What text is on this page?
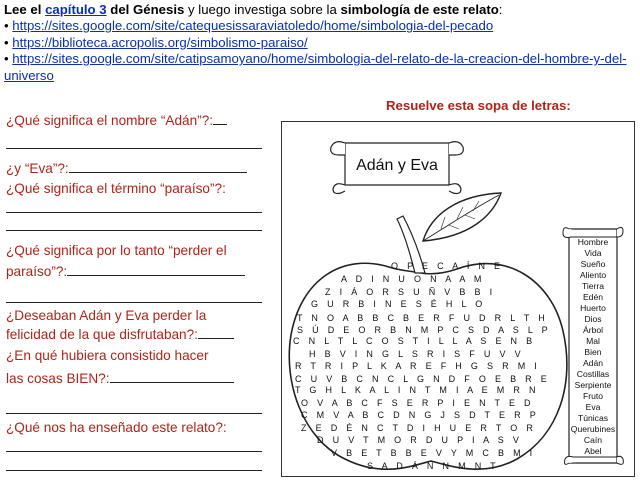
Lee el capítulo 3 del Génesis y luego investiga sobre la simbología de este relato:
• https://sites.google.com/site/catequesissaraviatoledo/home/simbologia-del-pecado
• https://biblioteca.acropolis.org/simbolismo-paraiso/
• https://sites.google.com/site/catipsamoyano/home/simbologia-del-relato-de-la-creacion-del-hombre-y-del-universo
¿Qué significa el nombre “Adán”?:
¿y “Eva”?:
¿Qué significa el término “paraíso”?:
¿Qué significa por lo tanto “perder el
paraíso”?:
¿Deseaban Adán y Eva perder la
felicidad de la que disfrutaban?:
¿En qué hubiera consistido hacer
las cosas BIEN?:
¿Qué nos ha enseñado este relato?:
Resuelve esta sopa de letras:
Adán y Eva
O P E C A Í N E
A D I N U O N A A M
Z I Á O R S U Ñ V B B I
G U R B I N E S É H L O
T N O A B B C B E R F U D R L T H
S Ú D E O R B N M P C S D A S L P
C N L T L C O S T I L L A S E N B
H B V I N G L S R I S F U V V
R T R I P L K A R E F H G S R M I
C U V B C N C L G N D F O E B R E
T G H L K A L I N T M I A E M R N
O V A B C F S E R P I E N T E D
C M V A B C D N G J S D T E R P
Z E D É N C T D I H U E R T O R
D U V T M O R D U P I A S V
V B E T B B E V Y M C B M I
S A D Á N N M N T
Hombre
Vida
Sueño
Aliento
Tierra
Edén
Huerto
Dios
Árbol
Mal
Bien
Adán
Costillas
Serpiente
Fruto
Eva
Túnicas
Querubines
Caín
Abel
